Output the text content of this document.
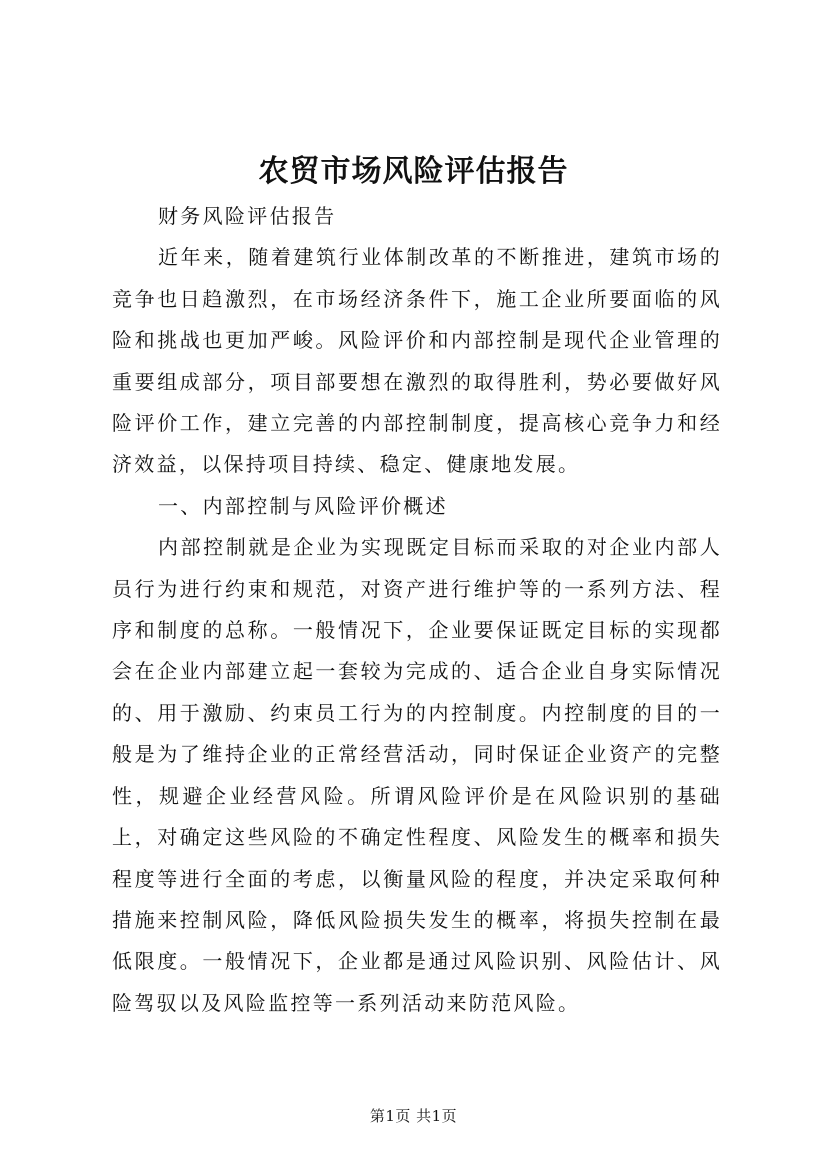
农贸市场风险评估报告

财务风险评估报告

近年来，随着建筑行业体制改革的不断推进，建筑市场的竞争也日趋激烈，在市场经济条件下，施工企业所要面临的风险和挑战也更加严峻。风险评价和内部控制是现代企业管理的重要组成部分，项目部要想在激烈的取得胜利，势必要做好风险评价工作，建立完善的内部控制制度，提高核心竞争力和经济效益，以保持项目持续、稳定、健康地发展。

一、内部控制与风险评价概述

内部控制就是企业为实现既定目标而采取的对企业内部人员行为进行约束和规范，对资产进行维护等的一系列方法、程序和制度的总称。一般情况下，企业要保证既定目标的实现都会在企业内部建立起一套较为完成的、适合企业自身实际情况的、用于激励、约束员工行为的内控制度。内控制度的目的一般是为了维持企业的正常经营活动，同时保证企业资产的完整性，规避企业经营风险。所谓风险评价是在风险识别的基础上，对确定这些风险的不确定性程度、风险发生的概率和损失程度等进行全面的考虑，以衡量风险的程度，并决定采取何种措施来控制风险，降低风险损失发生的概率，将损失控制在最低限度。一般情况下，企业都是通过风险识别、风险估计、风险驾驭以及风险监控等一系列活动来防范风险。

第1页 共1页
